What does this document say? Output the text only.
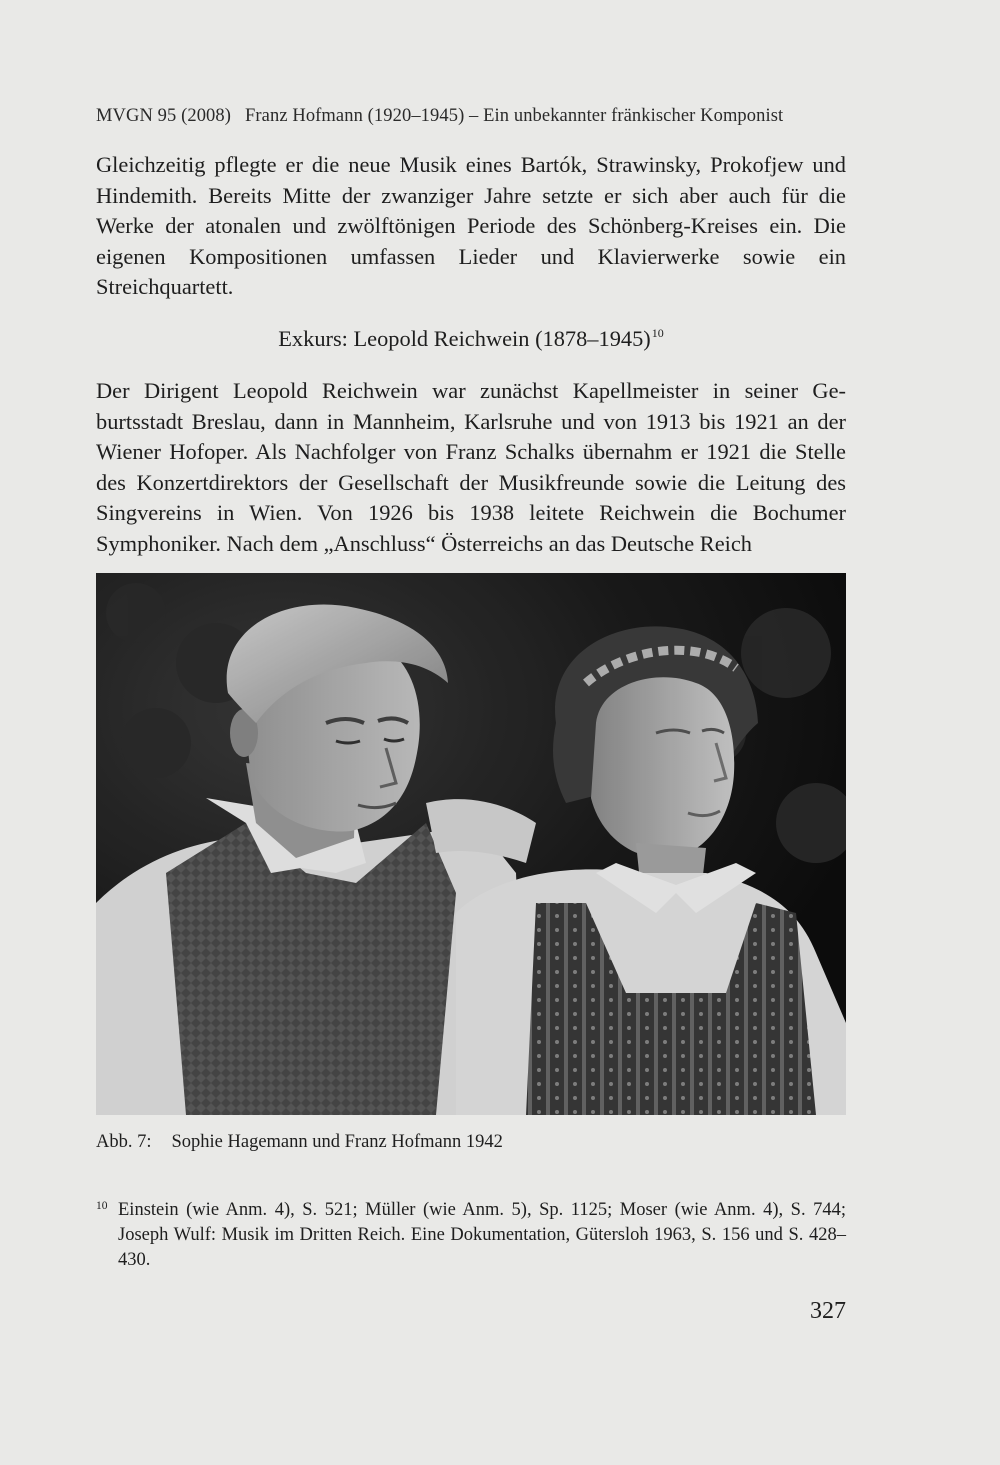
MVGN 95 (2008) Franz Hofmann (1920–1945) – Ein unbekannter fränkischer Komponist

Gleichzeitig pflegte er die neue Musik eines Bartók, Strawinsky, Prokofjew und Hindemith. Bereits Mitte der zwanziger Jahre setzte er sich aber auch für die Werke der atonalen und zwölftönigen Periode des Schönberg-Kreises ein. Die eigenen Kompositionen umfassen Lieder und Klavierwerke sowie ein Streichquartett.

Exkurs: Leopold Reichwein (1878–1945)$^{10}$

Der Dirigent Leopold Reichwein war zunächst Kapellmeister in seiner Geburtsstadt Breslau, dann in Mannheim, Karlsruhe und von 1913 bis 1921 an der Wiener Hofoper. Als Nachfolger von Franz Schalks übernahm er 1921 die Stelle des Konzertdirektors der Gesellschaft der Musikfreunde sowie die Leitung des Singvereins in Wien. Von 1926 bis 1938 leitete Reichwein die Bochumer Symphoniker. Nach dem „Anschluss“ Österreichs an das Deutsche Reich

Abb. 7: Sophie Hagemann und Franz Hofmann 1942
10 Einstein (wie Anm. 4), S. 521; Müller (wie Anm. 5), Sp. 1125; Moser (wie Anm. 4), S. 744; Joseph Wulf: Musik im Dritten Reich. Eine Dokumentation, Gütersloh 1963, S. 156 und S. 428–430.
327
